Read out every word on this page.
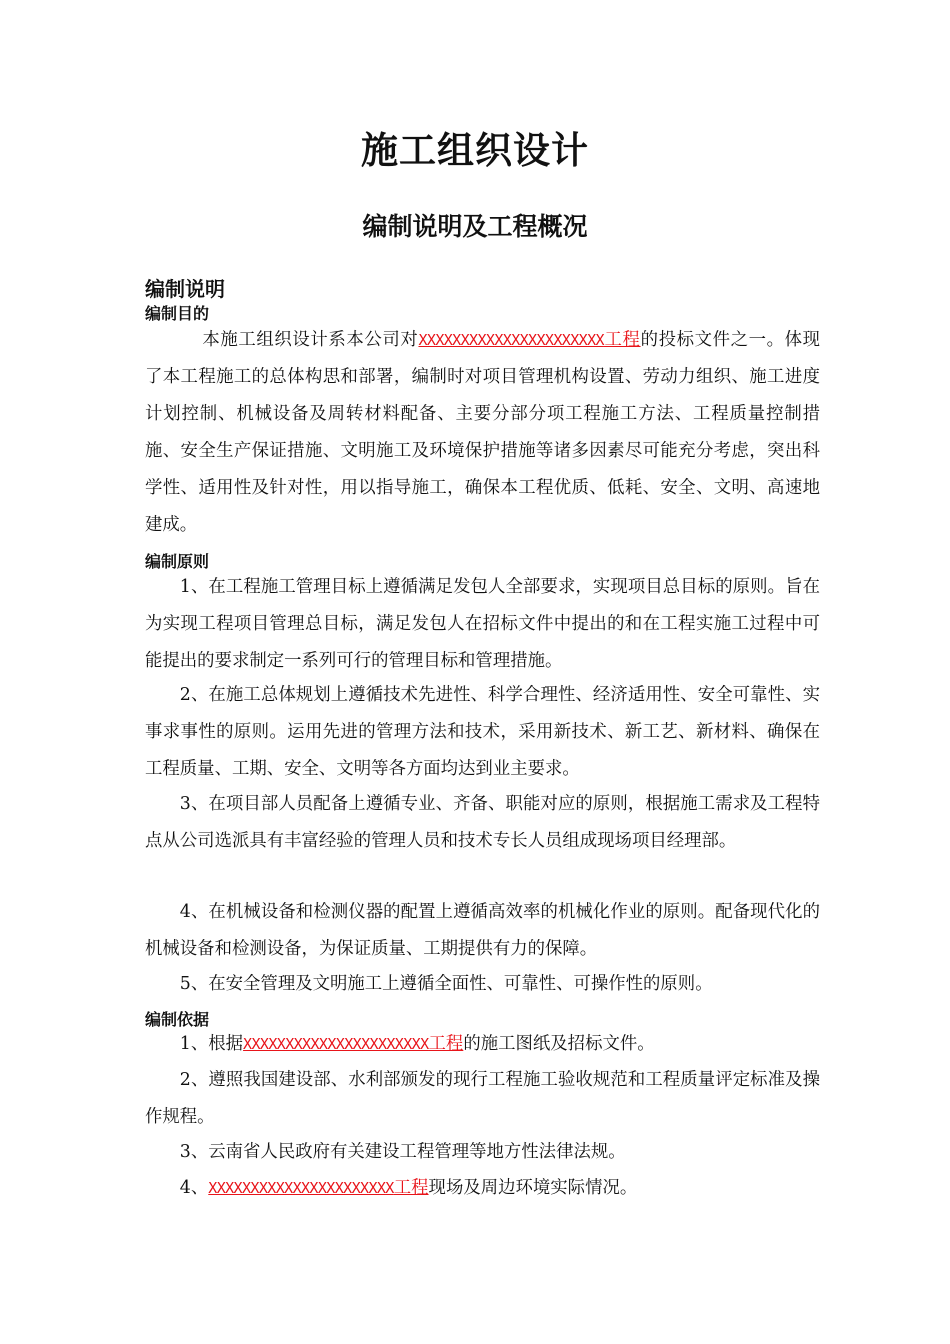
施工组织设计
编制说明及工程概况
编制说明
编制目的

本施工组织设计系本公司对XXXXXXXXXXXXXXXXXXXXXX工程的投标文件之一。体现了本工程施工的总体构思和部署，编制时对项目管理机构设置、劳动力组织、施工进度计划控制、机械设备及周转材料配备、主要分部分项工程施工方法、工程质量控制措施、安全生产保证措施、文明施工及环境保护措施等诸多因素尽可能充分考虑，突出科学性、适用性及针对性，用以指导施工，确保本工程优质、低耗、安全、文明、高速地建成。

编制原则

1、在工程施工管理目标上遵循满足发包人全部要求，实现项目总目标的原则。旨在为实现工程项目管理总目标，满足发包人在招标文件中提出的和在工程实施工过程中可能提出的要求制定一系列可行的管理目标和管理措施。

2、在施工总体规划上遵循技术先进性、科学合理性、经济适用性、安全可靠性、实事求事性的原则。运用先进的管理方法和技术，采用新技术、新工艺、新材料、确保在工程质量、工期、安全、文明等各方面均达到业主要求。

3、在项目部人员配备上遵循专业、齐备、职能对应的原则，根据施工需求及工程特点从公司选派具有丰富经验的管理人员和技术专长人员组成现场项目经理部。

4、在机械设备和检测仪器的配置上遵循高效率的机械化作业的原则。配备现代化的机械设备和检测设备，为保证质量、工期提供有力的保障。

5、在安全管理及文明施工上遵循全面性、可靠性、可操作性的原则。

编制依据

1、根据XXXXXXXXXXXXXXXXXXXXXX工程的施工图纸及招标文件。

2、遵照我国建设部、水利部颁发的现行工程施工验收规范和工程质量评定标准及操作规程。

3、云南省人民政府有关建设工程管理等地方性法律法规。

4、XXXXXXXXXXXXXXXXXXXXXX工程现场及周边环境实际情况。
